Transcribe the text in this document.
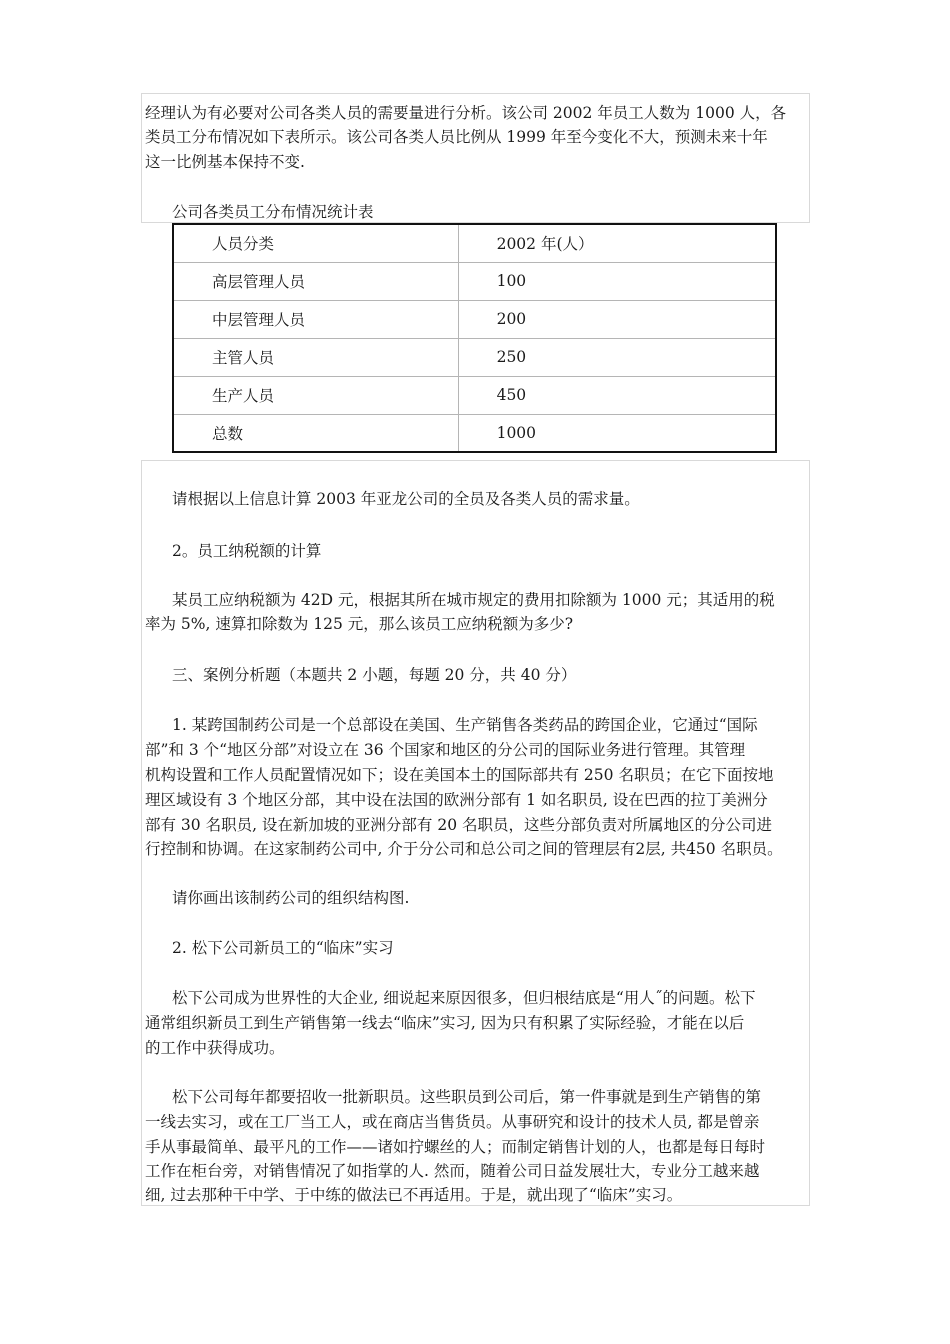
经理认为有必要对公司各类人员的需要量进行分析。该公司 2002 年员工人数为 1000 人，各

类员工分布情况如下表所示。该公司各类人员比例从 1999 年至今变化不大，预测未来十年

这一比例基本保持不变.

公司各类员工分布情况统计表
人员分类	2002 年(人）
高层管理人员	100
中层管理人员	200
主管人员	250
生产人员	450
总数	1000

请根据以上信息计算 2003 年亚龙公司的全员及各类人员的需求量。

2。员工纳税额的计算

某员工应纳税额为 42D 元，根据其所在城市规定的费用扣除额为 1000 元；其适用的税

率为 5%, 速算扣除数为 125 元，那么该员工应纳税额为多少?

三、案例分析题（本题共 2 小题，每题 20 分，共 40 分）

1. 某跨国制药公司是一个总部设在美国、生产销售各类药品的跨国企业，它通过“国际

部”和 3 个“地区分部”对设立在 36 个国家和地区的分公司的国际业务进行管理。其管理

机构设置和工作人员配置情况如下；设在美国本土的国际部共有 250 名职员；在它下面按地

理区域设有 3 个地区分部，其中设在法国的欧洲分部有 1 如名职员, 设在巴西的拉丁美洲分

部有 30 名职员, 设在新加坡的亚洲分部有 20 名职员，这些分部负责对所属地区的分公司进

行控制和协调。在这家制药公司中, 介于分公司和总公司之间的管理层有2层, 共450 名职员。

请你画出该制药公司的组织结构图.

2. 松下公司新员工的“临床”实习

松下公司成为世界性的大企业, 细说起来原因很多，但归根结底是“用人˝的问题。松下

通常组织新员工到生产销售第一线去“临床”实习, 因为只有积累了实际经验，才能在以后

的工作中获得成功。

松下公司每年都要招收一批新职员。这些职员到公司后，第一件事就是到生产销售的第

一线去实习，或在工厂当工人，或在商店当售货员。从事研究和设计的技术人员, 都是曾亲

手从事最简单、最平凡的工作——诸如拧螺丝的人；而制定销售计划的人，也都是每日每时

工作在柜台旁，对销售情况了如指掌的人. 然而，随着公司日益发展壮大，专业分工越来越

细, 过去那种干中学、于中练的做法已不再适用。于是，就出现了“临床”实习。
